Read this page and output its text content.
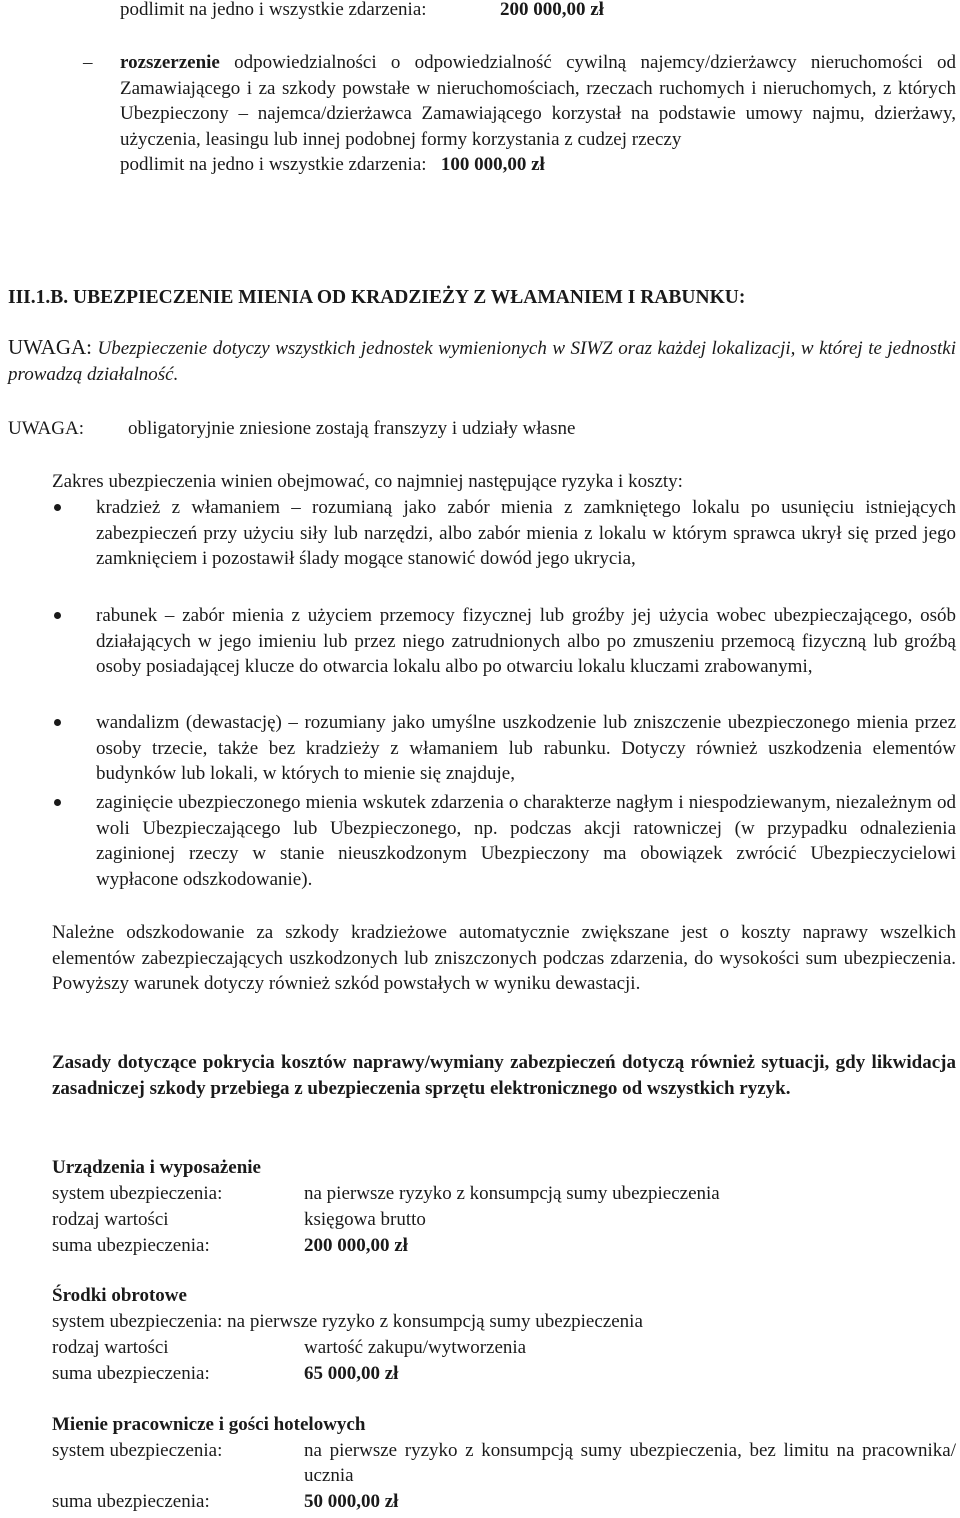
podlimit na jedno i wszystkie zdarzenia:	200 000,00 zł
– rozszerzenie odpowiedzialności o odpowiedzialność cywilną najemcy/dzierżawcy nieruchomości od Zamawiającego i za szkody powstałe w nieruchomościach, rzeczach ruchomych i nieruchomych, z których Ubezpieczony – najemca/dzierżawca Zamawiającego korzystał na podstawie umowy najmu, dzierżawy, użyczenia, leasingu lub innej podobnej formy korzystania z cudzej rzeczy
podlimit na jedno i wszystkie zdarzenia: 100 000,00 zł
III.1.B. UBEZPIECZENIE MIENIA OD KRADZIEŻY Z WŁAMANIEM I RABUNKU:
UWAGA: Ubezpieczenie dotyczy wszystkich jednostek wymienionych w SIWZ oraz każdej lokalizacji, w której te jednostki prowadzą działalność.
UWAGA: obligatoryjnie zniesione zostają franszyzy i udziały własne
Zakres ubezpieczenia winien obejmować, co najmniej następujące ryzyka i koszty:
kradzież z włamaniem – rozumianą jako zabór mienia z zamkniętego lokalu po usunięciu istniejących zabezpieczeń przy użyciu siły lub narzędzi, albo zabór mienia z lokalu w którym sprawca ukrył się przed jego zamknięciem i pozostawił ślady mogące stanowić dowód jego ukrycia,
rabunek – zabór mienia z użyciem przemocy fizycznej lub groźby jej użycia wobec ubezpieczającego, osób działających w jego imieniu lub przez niego zatrudnionych albo po zmuszeniu przemocą fizyczną lub groźbą osoby posiadającej klucze do otwarcia lokalu albo po otwarciu lokalu kluczami zrabowanymi,
wandalizm (dewastację) – rozumiany jako umyślne uszkodzenie lub zniszczenie ubezpieczonego mienia przez osoby trzecie, także bez kradzieży z włamaniem lub rabunku. Dotyczy również uszkodzenia elementów budynków lub lokali, w których to mienie się znajduje,
zaginięcie ubezpieczonego mienia wskutek zdarzenia o charakterze nagłym i niespodziewanym, niezależnym od woli Ubezpieczającego lub Ubezpieczonego, np. podczas akcji ratowniczej (w przypadku odnalezienia zaginionej rzeczy w stanie nieuszkodzonym Ubezpieczony ma obowiązek zwrócić Ubezpieczycielowi wypłacone odszkodowanie).
Należne odszkodowanie za szkody kradzieżowe automatycznie zwiększane jest o koszty naprawy wszelkich elementów zabezpieczających uszkodzonych lub zniszczonych podczas zdarzenia, do wysokości sum ubezpieczenia. Powyższy warunek dotyczy również szkód powstałych w wyniku dewastacji.
Zasady dotyczące pokrycia kosztów naprawy/wymiany zabezpieczeń dotyczą również sytuacji, gdy likwidacja zasadniczej szkody przebiega z ubezpieczenia sprzętu elektronicznego od wszystkich ryzyk.
Urządzenia i wyposażenie
system ubezpieczenia:	na pierwsze ryzyko z konsumpcją sumy ubezpieczenia
rodzaj wartości	księgowa brutto
suma ubezpieczenia:	200 000,00 zł
Środki obrotowe
system ubezpieczenia: na pierwsze ryzyko z konsumpcją sumy ubezpieczenia
rodzaj wartości	wartość zakupu/wytworzenia
suma ubezpieczenia:	65 000,00 zł
Mienie pracownicze i gości hotelowych
system ubezpieczenia:	na pierwsze ryzyko z konsumpcją sumy ubezpieczenia, bez limitu na pracownika/ ucznia
suma ubezpieczenia:	50 000,00 zł
